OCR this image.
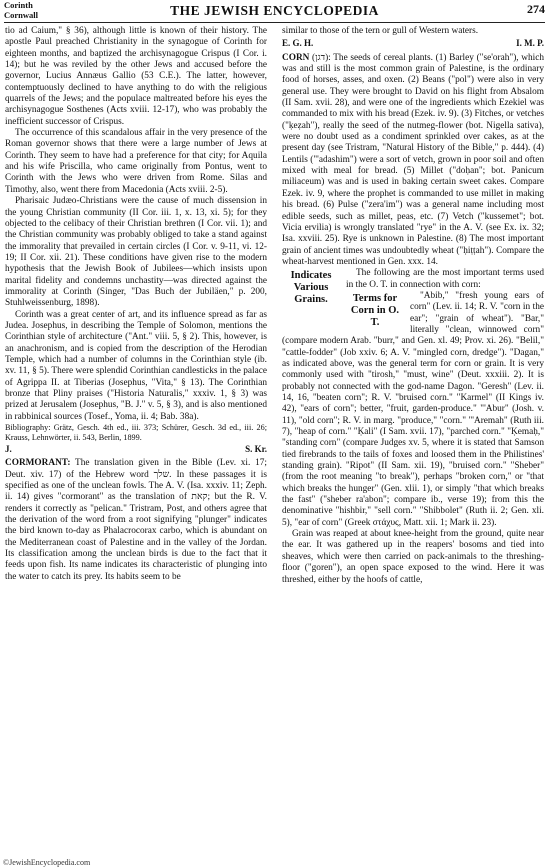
Corinth
Cornwall	THE JEWISH ENCYCLOPEDIA	274

tio ad Caium," § 36), although little is known of their history. The apostle Paul preached Christianity in the synagogue of Corinth for eighteen months, and baptized the archisynagogue Crispus (I Cor. i. 14); but he was reviled by the other Jews and accused before the governor, Lucius Annæus Gallio (53 C.E.). The latter, however, contemptuously declined to have anything to do with the religious quarrels of the Jews; and the populace maltreated before his eyes the archisynagogue Sosthenes (Acts xviii. 12-17), who was probably the inefficient successor of Crispus.

The occurrence of this scandalous affair in the very presence of the Roman governor shows that there were a large number of Jews at Corinth. They seem to have had a preference for that city; for Aquila and his wife Priscilla, who came originally from Pontus, went to Corinth with the Jews who were driven from Rome. Silas and Timothy, also, went there from Macedonia (Acts xviii. 2-5).

Pharisaic Judæo-Christians were the cause of much dissension in the young Christian community (II Cor. iii. 1, x. 13, xi. 5); for they objected to the celibacy of their Christian brethren (I Cor. vii. 1); and the Christian community was probably obliged to take a stand against the immorality that prevailed in certain circles (I Cor. v. 9-11, vi. 12-19; II Cor. xii. 21). These conditions have given rise to the modern hypothesis that the Jewish Book of Jubilees—which insists upon marital fidelity and condemns unchastity—was directed against the immorality at Corinth (Singer, "Das Buch der Jubiläen," p. 200, Stuhlweissenburg, 1898).

Corinth was a great center of art, and its influence spread as far as Judea. Josephus, in describing the Temple of Solomon, mentions the Corinthian style of architecture ("Ant." viii. 5, § 2). This, however, is an anachronism, and is copied from the description of the Herodian Temple, which had a number of columns in the Corinthian style (ib. xv. 11, § 5). There were splendid Corinthian candlesticks in the palace of Agrippa II. at Tiberias (Josephus, "Vita," § 13). The Corinthian bronze that Pliny praises ("Historia Naturalis," xxxiv. 1, § 3) was prized at Jerusalem (Josephus, "B. J." v. 5, § 3), and is also mentioned in rabbinical sources (Tosef., Yoma, ii. 4; Bab. 38a).

Bibliography: Grätz, Gesch. 4th ed., iii. 373; Schürer, Gesch. 3d ed., iii. 26; Krauss, Lehnwörter, ii. 543, Berlin, 1899.

J.	S. Kr.

CORMORANT: The translation given in the Bible (Lev. xi. 17; Deut. xiv. 17) of the Hebrew word שלך. In these passages it is specified as one of the unclean fowls. The A. V. (Isa. xxxiv. 11; Zeph. ii. 14) gives "cormorant" as the translation of קאת; but the R. V. renders it correctly as "pelican." Tristram, Post, and others agree that the derivation of the word from a root signifying "plunger" indicates the bird known to-day as Phalacrocorax carbo, which is abundant on the Mediterranean coast of Palestine and in the valley of the Jordan. Its classification among the unclean birds is due to the fact that it feeds upon fish. Its name indicates its characteristic of plunging into the water to catch its prey. Its habits seem to be

similar to those of the tern or gull of Western waters.

E. G. H.	I. M. P.

CORN (דגן): The seeds of cereal plants. (1) Barley ("se'orah"), which was and still is the most common grain of Palestine, is the ordinary food of horses, asses, and oxen. (2) Beans ("pol") were also in very general use. They were brought to David on his flight from Absalom (II Sam. xvii. 28), and were one of the ingredients which Ezekiel was commanded to mix with his bread (Ezek. iv. 9). (3) Fitches, or vetches ("ḳeẓah"), really the seed of the nutmeg-flower (bot. Nigella sativa), were no doubt used as a condiment sprinkled over cakes, as at the present day (see Tristram, "Natural History of the Bible," p. 444). (4) Lentils ("'adashim") were a sort of vetch, grown in poor soil and often mixed with meal for bread. (5) Millet ("doḥan"; bot. Panicum miliaceum) was and is used in baking certain sweet cakes. Compare Ezek. iv. 9, where the prophet is commanded to use millet in making his bread. (6) Pulse ("zera'im") was a general name including most edible seeds, such as millet, peas, etc. (7) Vetch ("kussemet"; bot. Vicia ervilia) is wrongly translated "rye" in the A. V. (see Ex. ix. 32; Isa. xxviii. 25). Rye is unknown in Palestine. (8) The most important grain of ancient times was undoubtedly wheat ("ḥiṭṭah"). Compare the wheat-harvest mentioned in Gen. xxx. 14.

Indicates Various Grains.

The following are the most important terms used in the O. T. in connection with corn:

Terms for Corn in O. T.

"Abib," "fresh young ears of corn" (Lev. ii. 14; R. V. "corn in the ear"; "grain of wheat"). "Bar," literally "clean, winnowed corn" (compare modern Arab. "burr," and Gen. xl. 49; Prov. xi. 26). "Belil," "cattle-fodder" (Job xxiv. 6; A. V. "mingled corn, dredge"). "Dagan," as indicated above, was the general term for corn or grain. It is very commonly used with "tirosh," "must, wine" (Deut. xxxiii. 2). It is probably not connected with the god-name Dagon. "Geresh" (Lev. ii. 14, 16, "beaten corn"; R. V. "bruised corn." "Karmel" (II Kings iv. 42), "ears of corn"; better, "fruit, garden-produce." "'Abur" (Josh. v. 11), "old corn"; R. V. in marg. "produce," "corn." "'Aremah" (Ruth iii. 7), "heap of corn." "Ḳali" (I Sam. xvii. 17), "parched corn." "Ḳemaḥ," "standing corn" (compare Judges xv. 5, where it is stated that Samson tied firebrands to the tails of foxes and loosed them in the Philistines' standing grain). "Ripot" (II Sam. xii. 19), "bruised corn." "Sheber" (from the root meaning "to break"), perhaps "broken corn," or "that which breaks the hunger" (Gen. xlii. 1), or simply "that which breaks the fast" ("sheber ra'abon"; compare ib., verse 19); from this the denominative "hishbir," "sell corn." "Shibbolet" (Ruth ii. 2; Gen. xli. 5), "ear of corn" (Greek στάχυς, Matt. xii. 1; Mark ii. 23).

Grain was reaped at about knee-height from the ground, quite near the ear. It was gathered up in the reapers' bosoms and tied into sheaves, which were then carried on pack-animals to the threshing-floor ("goren"), an open space exposed to the wind. Here it was threshed, either by the hoofs of cattle,

©JewishEncyclopedia.com
